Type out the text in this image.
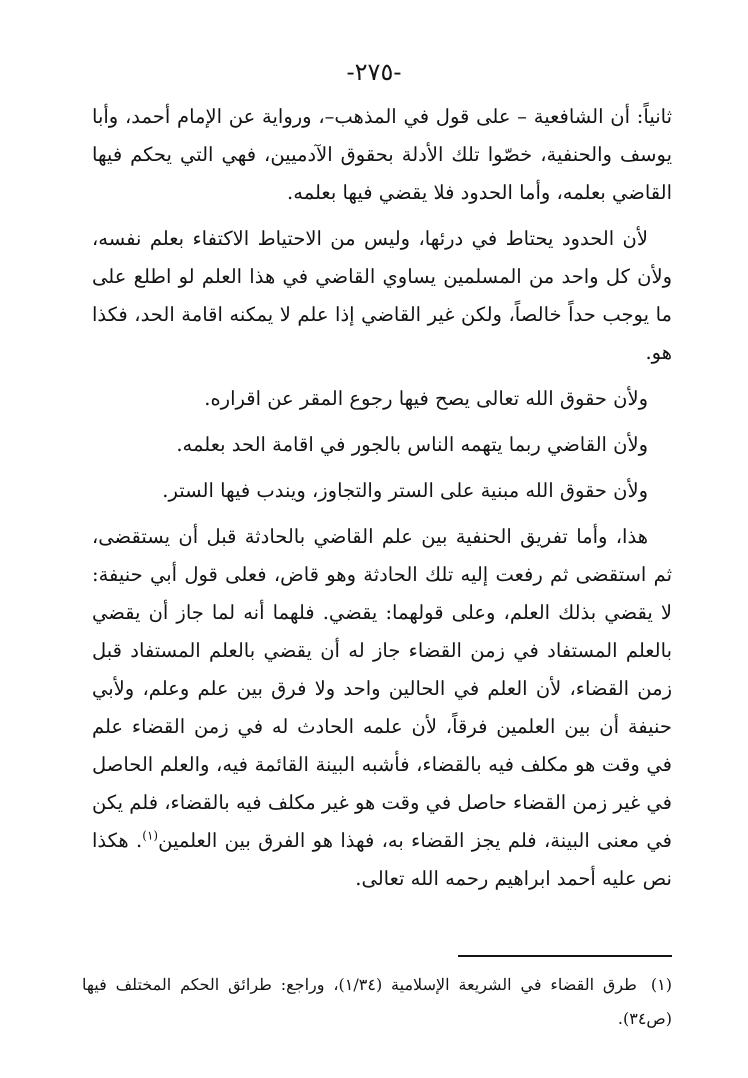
-٢٧٥-

ثانياً: أن الشافعية – على قول في المذهب–، ورواية عن الإمام أحمد، وأبا يوسف والحنفية، خصّوا تلك الأدلة بحقوق الآدميين، فهي التي يحكم فيها القاضي بعلمه، وأما الحدود فلا يقضي فيها بعلمه.

لأن الحدود يحتاط في درئها، وليس من الاحتياط الاكتفاء بعلم نفسه، ولأن كل واحد من المسلمين يساوي القاضي في هذا العلم لو اطلع على ما يوجب حداً خالصاً، ولكن غير القاضي إذا علم لا يمكنه اقامة الحد، فكذا هو.

ولأن حقوق الله تعالى يصح فيها رجوع المقر عن اقراره.

ولأن القاضي ربما يتهمه الناس بالجور في اقامة الحد بعلمه.

ولأن حقوق الله مبنية على الستر والتجاوز، ويندب فيها الستر.

هذا، وأما تفريق الحنفية بين علم القاضي بالحادثة قبل أن يستقضى، ثم استقضى ثم رفعت إليه تلك الحادثة وهو قاض، فعلى قول أبي حنيفة: لا يقضي بذلك العلم، وعلى قولهما: يقضي. فلهما أنه لما جاز أن يقضي بالعلم المستفاد في زمن القضاء جاز له أن يقضي بالعلم المستفاد قبل زمن القضاء، لأن العلم في الحالين واحد ولا فرق بين علم وعلم، ولأبي حنيفة أن بين العلمين فرقاً، لأن علمه الحادث له في زمن القضاء علم في وقت هو مكلف فيه بالقضاء، فأشبه البينة القائمة فيه، والعلم الحاصل في غير زمن القضاء حاصل في وقت هو غير مكلف فيه بالقضاء، فلم يكن في معنى البينة، فلم يجز القضاء به، فهذا هو الفرق بين العلمين$^{(١)}$. هكذا نص عليه أحمد ابراهيم رحمه الله تعالى.

(١)طرق القضاء في الشريعة الإسلامية (١/٣٤)، وراجع: طرائق الحكم المختلف فيها (ص٣٤).
